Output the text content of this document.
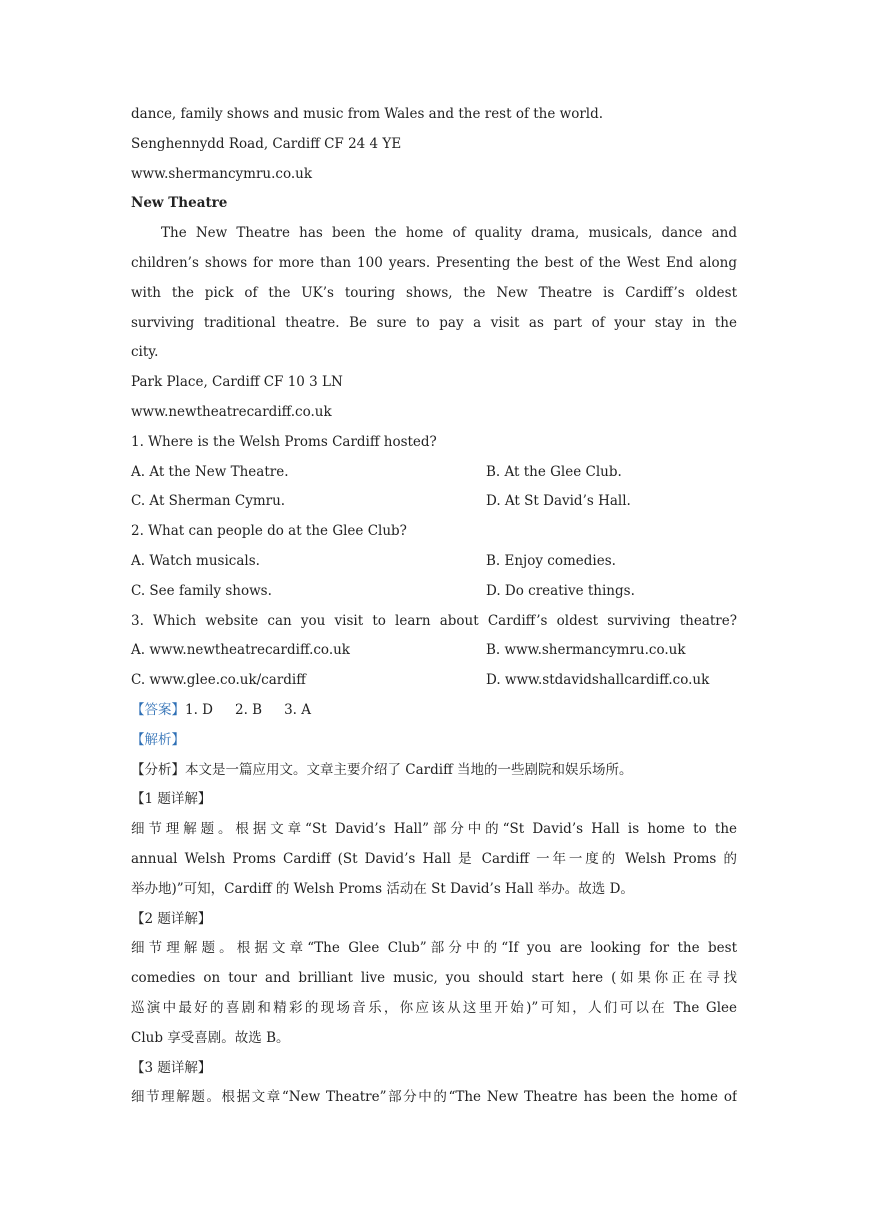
dance, family shows and music from Wales and the rest of the world.
Senghennydd Road, Cardiff CF 24 4 YE
www.shermancymru.co.uk
New Theatre
The New Theatre has been the home of quality drama, musicals, dance and
children’s shows for more than 100 years. Presenting the best of the West End along
with the pick of the UK’s touring shows, the New Theatre is Cardiff’s oldest
surviving traditional theatre. Be sure to pay a visit as part of your stay in the
city.
Park Place, Cardiff CF 10 3 LN
www.newtheatrecardiff.co.uk
1. Where is the Welsh Proms Cardiff hosted?
A. At the New Theatre.	B. At the Glee Club.
C. At Sherman Cymru.	D. At St David’s Hall.
2. What can people do at the Glee Club?
A. Watch musicals.	B. Enjoy comedies.
C. See family shows.	D. Do creative things.
3. Which website can you visit to learn about Cardiff’s oldest surviving theatre?
A. www.newtheatrecardiff.co.uk	B. www.shermancymru.co.uk
C. www.glee.co.uk/cardiff	D. www.stdavidshallcardiff.co.uk
【答案】1. D 2. B 3. A
【解析】
【分析】本文是一篇应用文。文章主要介绍了 Cardiff 当地的一些剧院和娱乐场所。
【1 题详解】
细节理解题。根据文章“St David’s Hall”部分中的“St David’s Hall is home to the
annual Welsh Proms Cardiff (St David’s Hall 是 Cardiff 一年一度的 Welsh Proms 的
举办地)”可知，Cardiff 的 Welsh Proms 活动在 St David’s Hall 举办。故选 D。
【2 题详解】
细节理解题。根据文章“The Glee Club”部分中的“If you are looking for the best
comedies on tour and brilliant live music, you should start here (如果你正在寻找
巡演中最好的喜剧和精彩的现场音乐，你应该从这里开始)”可知，人们可以在 The Glee
Club 享受喜剧。故选 B。
【3 题详解】
细节理解题。根据文章“New Theatre”部分中的“The New Theatre has been the home of
